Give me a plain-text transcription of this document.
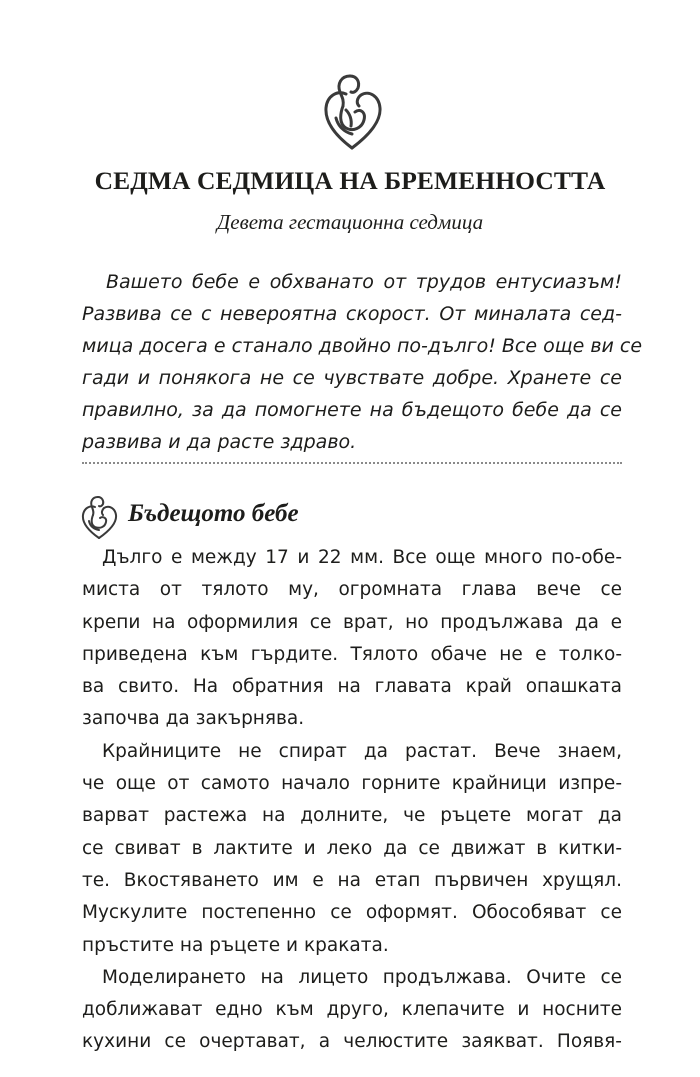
СЕДМА СЕДМИЦА НА БРЕМЕННОСТТА
Девета гестационна седмица
Вашето бебе е обхванато от трудов ентусиазъм!
Развива се с невероятна скорост. От миналата сед-
мица досега е станало двойно по-дълго! Все още ви се
гади и понякога не се чувствате добре. Хранете се
правилно, за да помогнете на бъдещото бебе да се
развива и да расте здраво.
Бъдещото бебе
Дълго е между 17 и 22 мм. Все още много по-обе-
миста от тялото му, огромната глава вече се
крепи на оформилия се врат, но продължава да е
приведена към гърдите. Тялото обаче не е толко-
ва свито. На обратния на главата край опашката
започва да закърнява.
Крайниците не спират да растат. Вече знаем,
че още от самото начало горните крайници изпре-
варват растежа на долните, че ръцете могат да
се свиват в лактите и леко да се движат в китки-
те. Вкостяването им е на етап първичен хрущял.
Мускулите постепенно се оформят. Обособяват се
пръстите на ръцете и краката.
Моделирането на лицето продължава. Очите се
доближават едно към друго, клепачите и носните
кухини се очертават, а челюстите заякват. Появя-
